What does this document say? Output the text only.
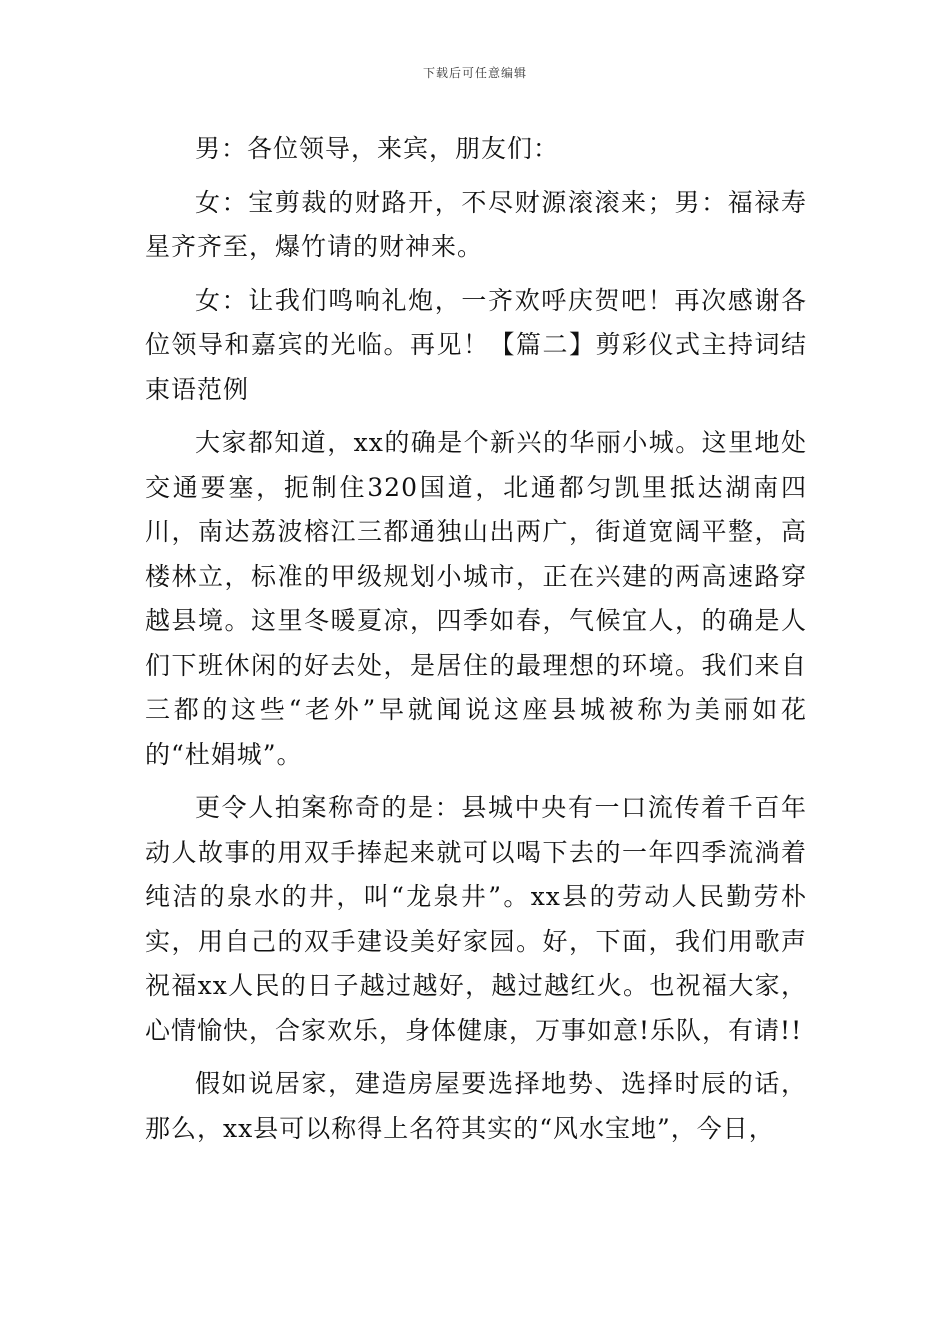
下载后可任意编辑

男：各位领导，来宾，朋友们：

女：宝剪裁的财路开，不尽财源滚滚来；男：福禄寿星齐齐至，爆竹请的财神来。

女：让我们鸣响礼炮，一齐欢呼庆贺吧！再次感谢各位领导和嘉宾的光临。再见！【篇二】剪彩仪式主持词结束语范例

大家都知道，xx的确是个新兴的华丽小城。这里地处交通要塞，扼制住320国道，北通都匀凯里抵达湖南四川，南达荔波榕江三都通独山出两广，街道宽阔平整，高楼林立，标准的甲级规划小城市，正在兴建的两高速路穿越县境。这里冬暖夏凉，四季如春，气候宜人，的确是人们下班休闲的好去处，是居住的最理想的环境。我们来自三都的这些“老外”早就闻说这座县城被称为美丽如花的“杜娟城”。

更令人拍案称奇的是：县城中央有一口流传着千百年动人故事的用双手捧起来就可以喝下去的一年四季流淌着纯洁的泉水的井，叫“龙泉井”。xx县的劳动人民勤劳朴实，用自己的双手建设美好家园。好，下面，我们用歌声祝福xx人民的日子越过越好，越过越红火。也祝福大家，心情愉快，合家欢乐，身体健康，万事如意!乐队，有请!!

假如说居家，建造房屋要选择地势、选择时辰的话，那么，xx县可以称得上名符其实的“风水宝地”，今日，
